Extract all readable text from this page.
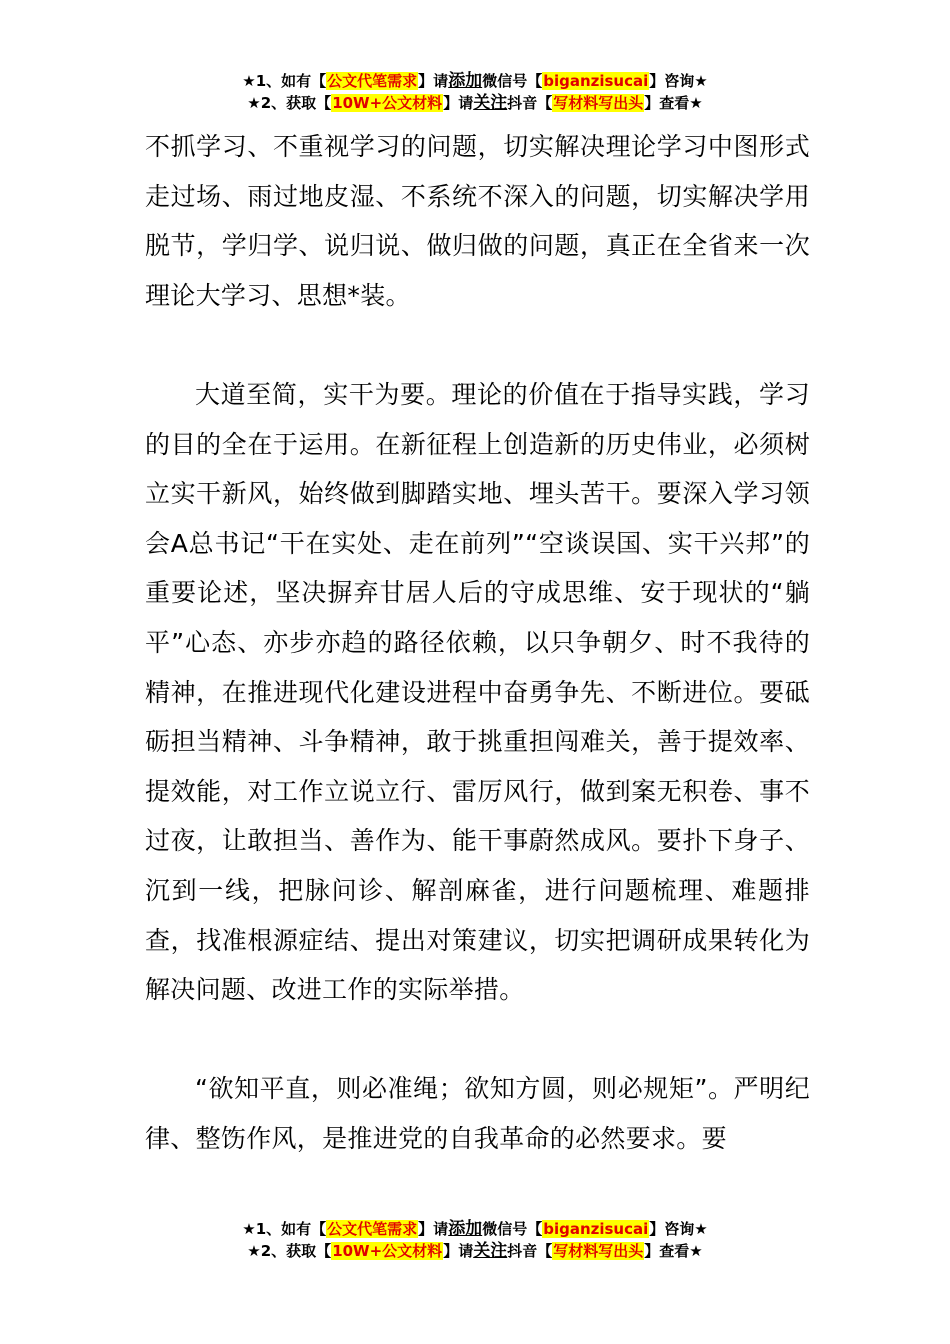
★1、如有【公文代笔需求】请添加微信号【biganzisucai】咨询★
★2、获取【10W+公文材料】请关注抖音【写材料写出头】查看★

不抓学习、不重视学习的问题，切实解决理论学习中图形式走过场、雨过地皮湿、不系统不深入的问题，切实解决学用脱节，学归学、说归说、做归做的问题，真正在全省来一次理论大学习、思想*装。

大道至简，实干为要。理论的价值在于指导实践，学习的目的全在于运用。在新征程上创造新的历史伟业，必须树立实干新风，始终做到脚踏实地、埋头苦干。要深入学习领会A总书记“干在实处、走在前列”“空谈误国、实干兴邦”的重要论述，坚决摒弃甘居人后的守成思维、安于现状的“躺平”心态、亦步亦趋的路径依赖，以只争朝夕、时不我待的精神，在推进现代化建设进程中奋勇争先、不断进位。要砥砺担当精神、斗争精神，敢于挑重担闯难关，善于提效率、提效能，对工作立说立行、雷厉风行，做到案无积卷、事不过夜，让敢担当、善作为、能干事蔚然成风。要扑下身子、沉到一线，把脉问诊、解剖麻雀，进行问题梳理、难题排查，找准根源症结、提出对策建议，切实把调研成果转化为解决问题、改进工作的实际举措。

“欲知平直，则必准绳；欲知方圆，则必规矩”。严明纪律、整饬作风，是推进党的自我革命的必然要求。要

★1、如有【公文代笔需求】请添加微信号【biganzisucai】咨询★
★2、获取【10W+公文材料】请关注抖音【写材料写出头】查看★
